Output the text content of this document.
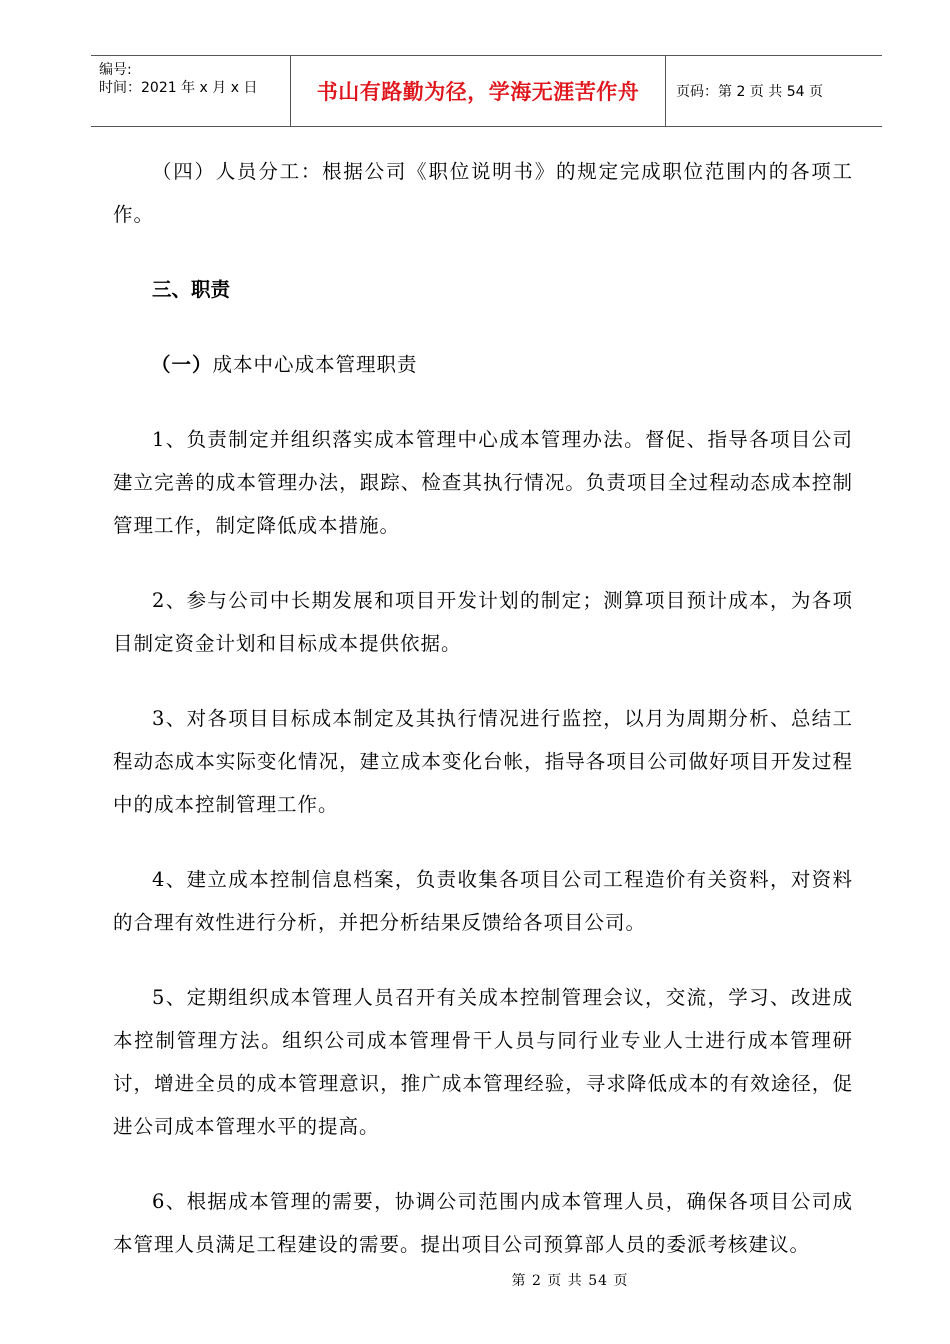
编号:
时间：2021 年 x 月 x 日	书山有路勤为径，学海无涯苦作舟	页码：第 2 页 共 54 页

（四）人员分工：根据公司《职位说明书》的规定完成职位范围内的各项工作。

三、职责

（一）成本中心成本管理职责

1、负责制定并组织落实成本管理中心成本管理办法。督促、指导各项目公司建立完善的成本管理办法，跟踪、检查其执行情况。负责项目全过程动态成本控制管理工作，制定降低成本措施。

2、参与公司中长期发展和项目开发计划的制定；测算项目预计成本，为各项目制定资金计划和目标成本提供依据。

3、对各项目目标成本制定及其执行情况进行监控，以月为周期分析、总结工程动态成本实际变化情况，建立成本变化台帐，指导各项目公司做好项目开发过程中的成本控制管理工作。

4、建立成本控制信息档案，负责收集各项目公司工程造价有关资料，对资料的合理有效性进行分析，并把分析结果反馈给各项目公司。

5、定期组织成本管理人员召开有关成本控制管理会议，交流，学习、改进成本控制管理方法。组织公司成本管理骨干人员与同行业专业人士进行成本管理研讨，增进全员的成本管理意识，推广成本管理经验，寻求降低成本的有效途径，促进公司成本管理水平的提高。

6、根据成本管理的需要，协调公司范围内成本管理人员，确保各项目公司成本管理人员满足工程建设的需要。提出项目公司预算部人员的委派考核建议。

第 2 页 共 54 页
